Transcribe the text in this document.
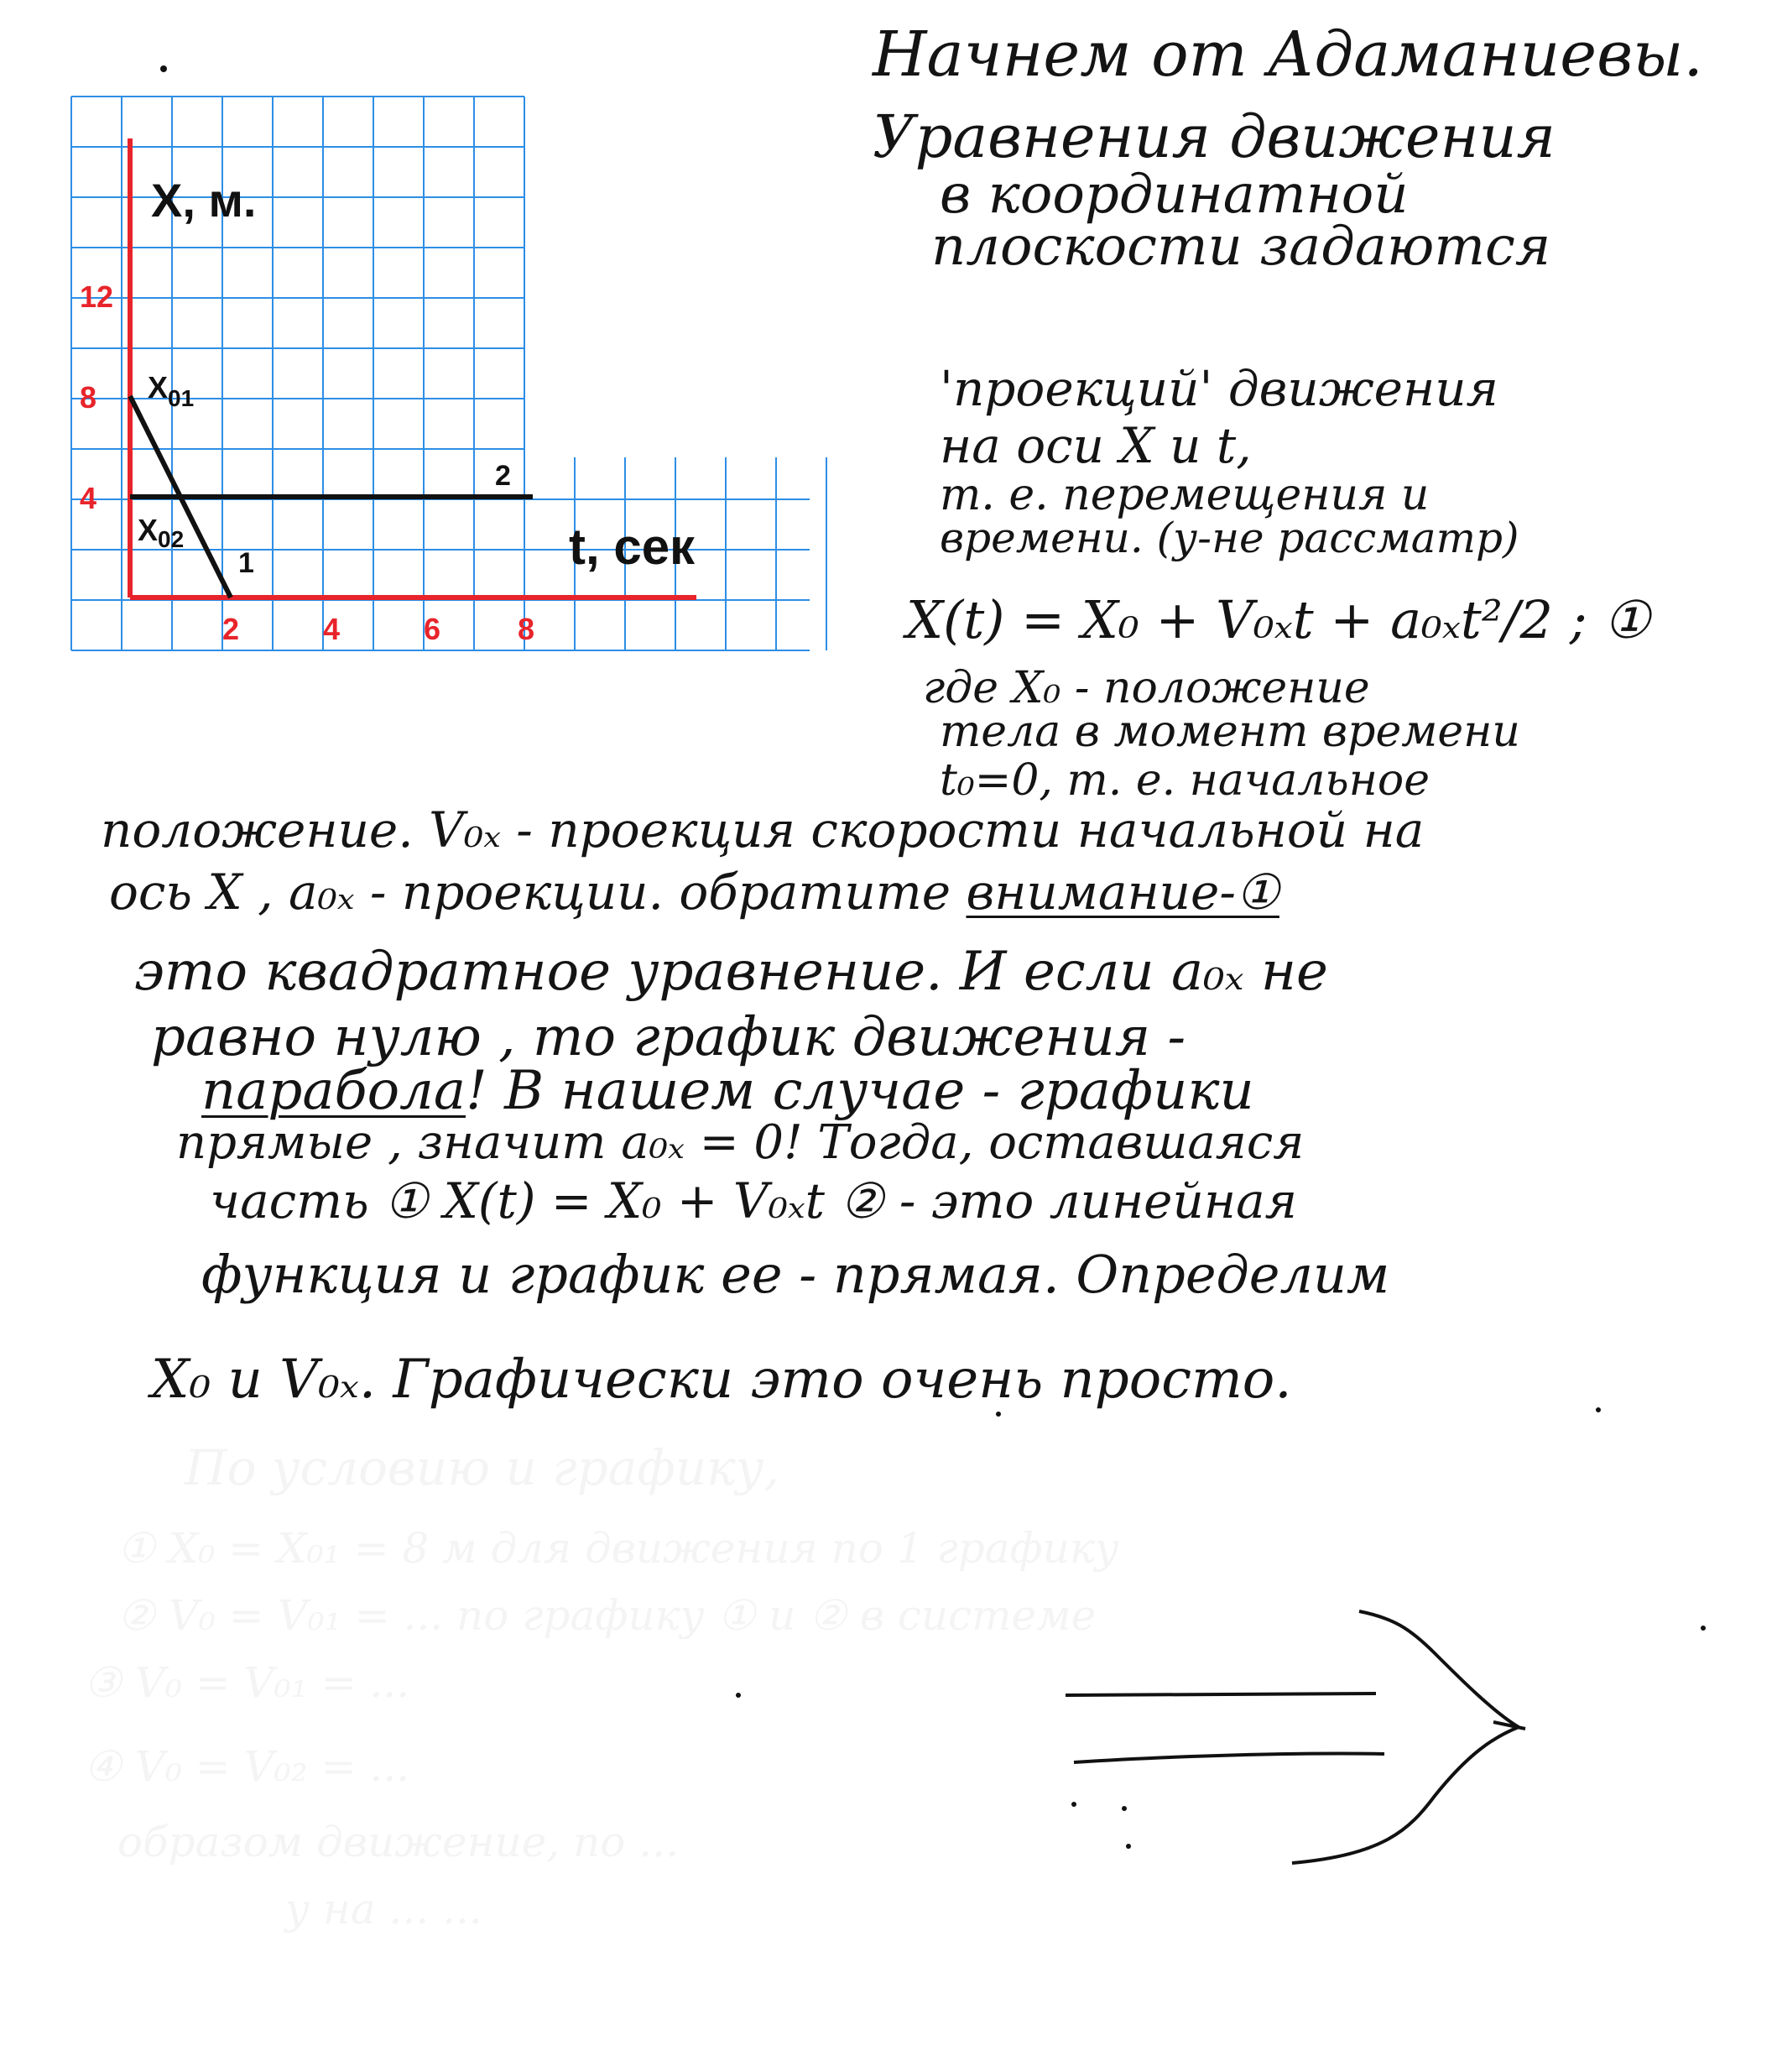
X, м.
t, сек
4
8
12
2	4	6	8
$X_{01}$
$X_{02}$
1
2
Начнем от Адаманиевы.
Уравнения движения
в координатной
плоскости задаются
'проекций' движения
на оси X и t,
т. е. перемещения и
времени. (у-не рассматр)
X(t) = X₀ + V₀ₓt + a₀ₓt²/2 ; ①
где X₀ - положение
тела в момент времени
t₀=0, т. е. начальное
положение. V₀ₓ - проекция скорости начальной на
ось X , a₀ₓ - проекции. обратите внимание-①
это квадратное уравнение. И если a₀ₓ не
равно нулю , то график движения -
парабола! В нашем случае - графики
прямые , значит a₀ₓ = 0! Тогда, оставшаяся
часть ① X(t) = X₀ + V₀ₓt ② - это линейная
функция и график ее - прямая. Определим
X₀ и V₀ₓ. Графически это очень просто.
По условию и графику,
① X₀ = X₀₁ = 8 м для движения по 1 графику
② V₀ = V₀₁ = ... по графику ① и ② в системе
③ V₀ = V₀₁ = ...
④ V₀ = V₀₂ = ...
образом движение, по ...
у на ... ...
